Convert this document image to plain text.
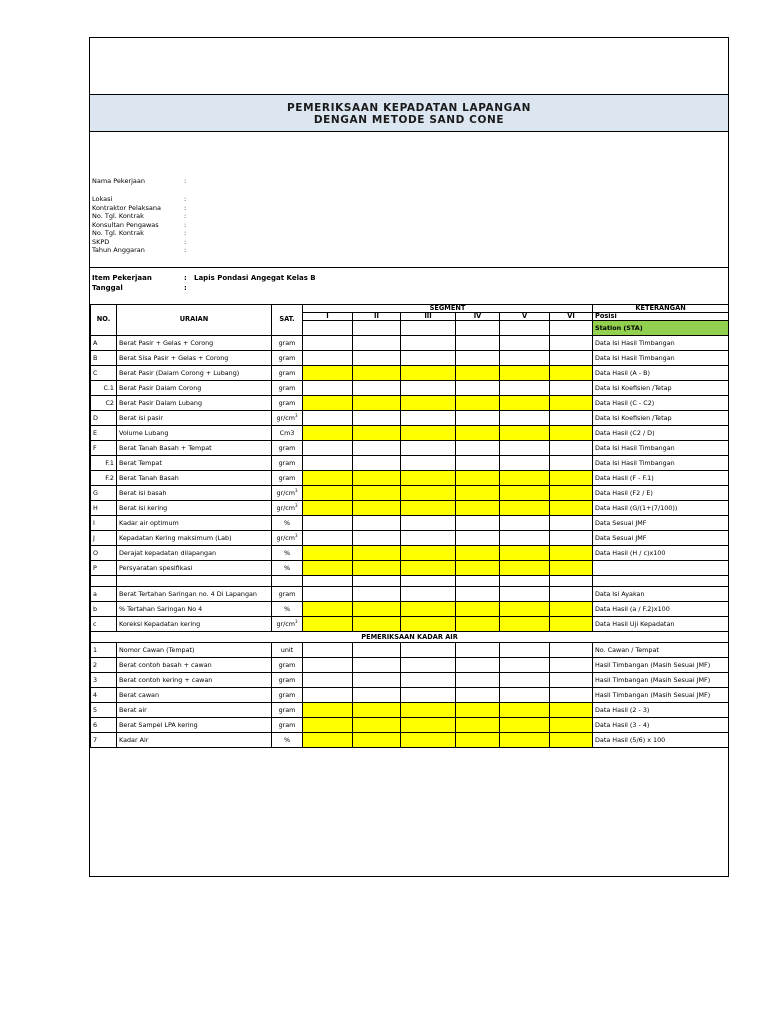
PEMERIKSAAN KEPADATAN LAPANGAN
DENGAN METODE SAND CONE
Nama Pekerjaan	:
Lokasi	:
Kontraktor Pelaksana	:
No. Tgl. Kontrak	:
Konsultan Pengawas	:
No. Tgl. Kontrak	:
SKPD	:
Tahun Anggaran	:
Item Pekerjaan	: Lapis Pondasi Angegat Kelas B
Tanggal	:

NO.	URAIAN	SAT.	SEGMENT						KETERANGAN
			I	II	III	IV	V	VI	Posisi
									Station (STA)
A	Berat Pasir + Gelas + Corong	gram							Data Isi Hasil Timbangan
B	Berat Sisa Pasir + Gelas + Corong	gram							Data Isi Hasil Timbangan
C	Berat Pasir (Dalam Corong + Lubang)	gram							Data Hasil (A - B)
C.1	Berat Pasir Dalam Corong	gram							Data Isi Koefisien /Tetap
C2	Berat Pasir Dalam Lubang	gram							Data Hasil (C - C2)
D	Berat isi pasir	$gr/cm^3$							Data Isi Koefisien /Tetap
E	Volume Lubang	Cm3							Data Hasil (C2 / D)
F	Berat Tanah Basah + Tempat	gram							Data Isi Hasil Timbangan
F.1	Berat Tempat	gram							Data Isi Hasil Timbangan
F.2	Berat Tanah Basah	gram							Data Hasil (F - F.1)
G	Berat isi basah	$gr/cm^3$							Data Hasil (F2 / E)
H	Berat isi kering	$gr/cm^3$							Data Hasil (G/(1+(7/100))
I	Kadar air optimum	%							Data Sesuai JMF
J	Kepadatan Kering maksimum (Lab)	$gr/cm^3$							Data Sesuai JMF
O	Derajat kepadatan dilapangan	%							Data Hasil (H / c)x100
P	Persyaratan spesifikasi	%							

a	Berat Tertahan Saringan no. 4 Di Lapangan	gram							Data Isi Ayakan
b	% Tertahan Saringan No 4	%							Data Hasil (a / F.2)x100
c	Koreksi Kepadatan kering	$gr/cm^3$							Data Hasil Uji Kepadatan
PEMERIKSAAN KADAR AIR									
1	Nomor Cawan (Tempat)	unit							No. Cawan / Tempat
2	Berat contoh basah + cawan	gram							Hasil Timbangan (Masih Sesuai JMF)
3	Berat contoh kering + cawan	gram							Hasil Timbangan (Masih Sesuai JMF)
4	Berat cawan	gram							Hasil Timbangan (Masih Sesuai JMF)
5	Berat air	gram							Data Hasil (2 - 3)
6	Berat Sampel LPA kering	gram							Data Hasil (3 - 4)
7	Kadar Air	%							Data Hasil (5/6) x 100
